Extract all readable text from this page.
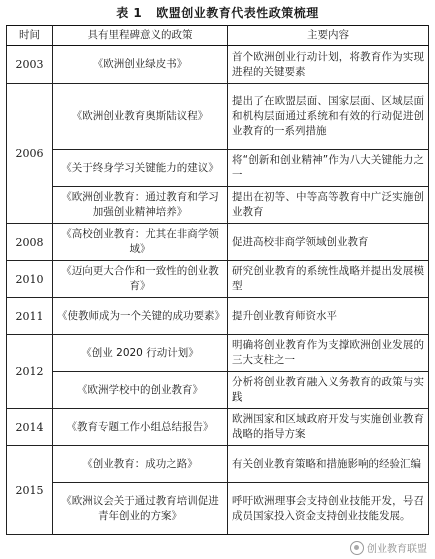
表 1 欧盟创业教育代表性政策梳理
时间	具有里程碑意义的政策	主要内容
2003	《欧洲创业绿皮书》	首个欧洲创业行动计划，将教育作为实现进程的关键要素
2006	《欧洲创业教育奥斯陆议程》	提出了在欧盟层面、国家层面、区域层面和机构层面通过系统和有效的行动促进创业教育的一系列措施
	《关于终身学习关键能力的建议》	将“创新和创业精神”作为八大关键能力之一
	《欧洲创业教育：通过教育和学习加强创业精神培养》	提出在初等、中等高等教育中广泛实施创业教育
2008	《高校创业教育：尤其在非商学领域》	促进高校非商学领域创业教育
2010	《迈向更大合作和一致性的创业教育》	研究创业教育的系统性战略并提出发展模型
2011	《使教师成为一个关键的成功要素》	提升创业教育师资水平
2012	《创业 2020 行动计划》	明确将创业教育作为支撑欧洲创业发展的三大支柱之一
	《欧洲学校中的创业教育》	分析将创业教育融入义务教育的政策与实践
2014	《教育专题工作小组总结报告》	欧洲国家和区域政府开发与实施创业教育战略的指导方案
2015	《创业教育：成功之路》	有关创业教育策略和措施影响的经验汇编
	《欧洲议会关于通过教育培训促进青年创业的方案》	呼吁欧洲理事会支持创业技能开发，号召成员国家投入资金支持创业技能发展。
创业教育联盟
